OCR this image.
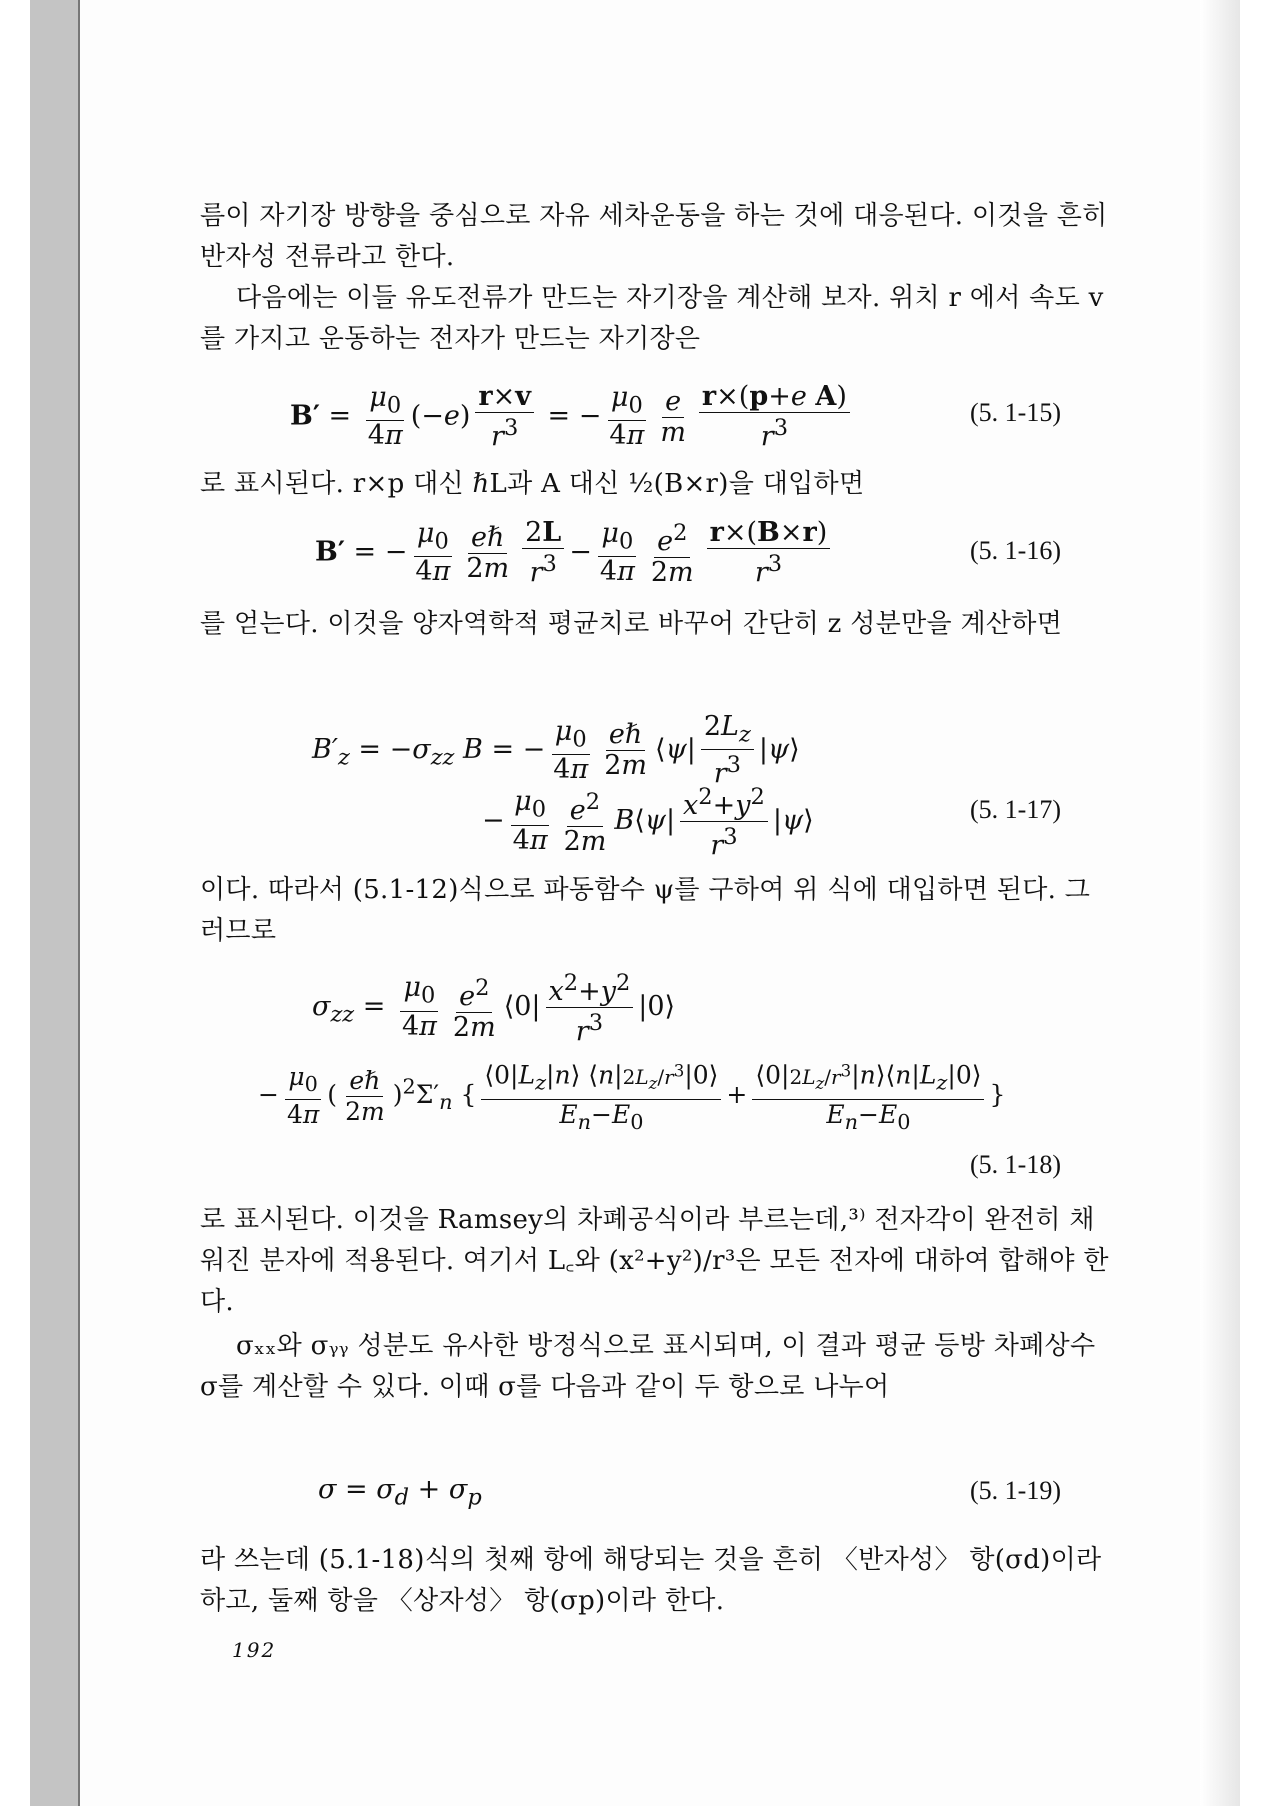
름이 자기장 방향을 중심으로 자유 세차운동을 하는 것에 대응된다. 이것을 흔히 반자성 전류라고 한다.
다음에는 이들 유도전류가 만드는 자기장을 계산해 보자. 위치 r 에서 속도 v 를 가지고 운동하는 전자가 만드는 자기장은
$B' = \frac{\mu_0}{4\pi} (-e) \frac{r\times v}{r^3}$ = − $\frac{\mu_0}{4\pi} \frac{e}{m} \frac{\text{r×(p+e A)}}{r^3}$	(5. 1-15)
로 표시된다. r×p 대신 ℏL과 A 대신 ½(B×r)을 대입하면
B′ = − $\frac{\mu_0}{4\pi} \frac{\text{eℏ}}{2m} \frac{2L}{r^3} - \frac{\mu_0}{4\pi} \frac{e^2}{2m} \frac{r\times(B\times r)}{r^3}$	(5. 1-16)
를 얻는다. 이것을 양자역학적 평균치로 바꾸어 간단히 z 성분만을 계산하면
$B'_z = -\sigma_{zz}$ B = − $\frac{\mu_0}{4\pi} \frac{\text{eℏ}}{2m}$ ⟨ψ| $\frac{2L_z}{r^3}$ |ψ⟩
− $\frac{\mu_0}{4\pi} \frac{e^2}{2m}$ B⟨ψ| $\frac{x^2+y^2}{r^3}$ |ψ⟩	(5. 1-17)
이다. 따라서 (5.1-12)식으로 파동함수 ψ를 구하여 위 식에 대입하면 된다. 그러므로
$\sigma_{zz} = \frac{\mu_0}{4\pi} \frac{e^2}{2m}$ ⟨0| $\frac{x^2+y^2}{r^3}$ |0⟩
− $\frac{\mu_0}{4\pi}$ ( $\frac{\text{eℏ}}{2m} )^2\Sigma'_n$ { $\frac{⟨0|L_z|n⟩ ⟨n|2L_z/r^3|0⟩}{E_n-E_0} + \frac{⟨0|2L_z/r^3|n⟩⟨n|L_z|0⟩}{E_n-E_0}$ }
(5. 1-18)
로 표시된다. 이것을 Ramsey의 차폐공식이라 부르는데,³⁾ 전자각이 완전히 채워진 분자에 적용된다. 여기서 L꜀와 (x²+y²)/r³은 모든 전자에 대하여 합해야 한다.
σₓₓ와 σᵧᵧ 성분도 유사한 방정식으로 표시되며, 이 결과 평균 등방 차폐상수 σ를 계산할 수 있다. 이때 σ를 다음과 같이 두 항으로 나누어
$\sigma = \sigma_d + \sigma_p$	(5. 1-19)
라 쓰는데 (5.1-18)식의 첫째 항에 해당되는 것을 흔히 〈반자성〉 항(σd)이라 하고, 둘째 항을 〈상자성〉 항(σp)이라 한다.
192
